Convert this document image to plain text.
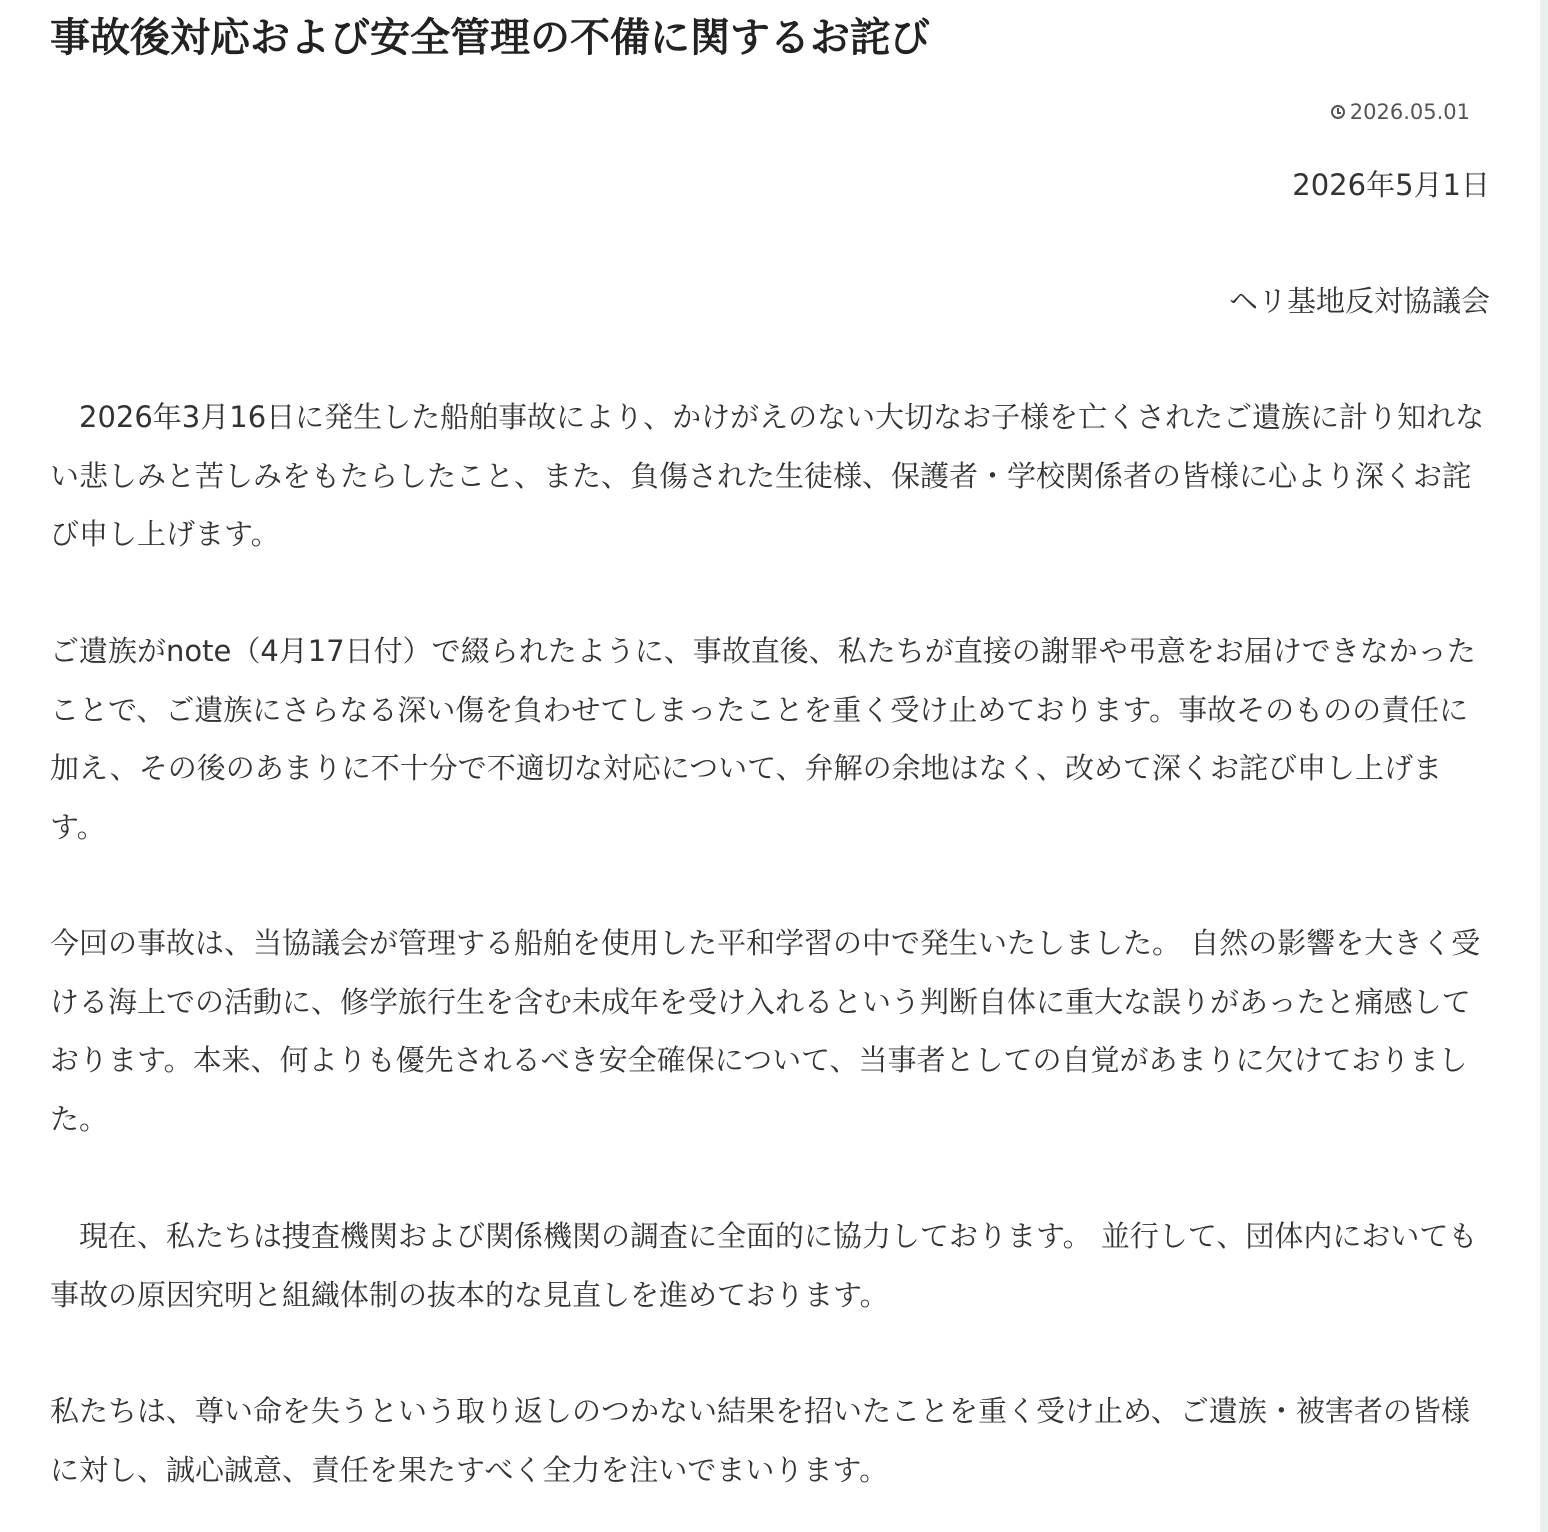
事故後対応および安全管理の不備に関するお詫び
2026.05.01
2026年5月1日
ヘリ基地反対協議会

　2026年3月16日に発生した船舶事故により、かけがえのない大切なお子様を亡くされたご遺族に計り知れない悲しみと苦しみをもたらしたこと、また、負傷された生徒様、保護者・学校関係者の皆様に心より深くお詫び申し上げます。

ご遺族がnote（4月17日付）で綴られたように、事故直後、私たちが直接の謝罪や弔意をお届けできなかったことで、ご遺族にさらなる深い傷を負わせてしまったことを重く受け止めております。事故そのものの責任に加え、その後のあまりに不十分で不適切な対応について、弁解の余地はなく、改めて深くお詫び申し上げます。

今回の事故は、当協議会が管理する船舶を使用した平和学習の中で発生いたしました。 自然の影響を大きく受ける海上での活動に、修学旅行生を含む未成年を受け入れるという判断自体に重大な誤りがあったと痛感しております。本来、何よりも優先されるべき安全確保について、当事者としての自覚があまりに欠けておりました。

　現在、私たちは捜査機関および関係機関の調査に全面的に協力しております。 並行して、団体内においても事故の原因究明と組織体制の抜本的な見直しを進めております。

私たちは、尊い命を失うという取り返しのつかない結果を招いたことを重く受け止め、ご遺族・被害者の皆様に対し、誠心誠意、責任を果たすべく全力を注いでまいります。
